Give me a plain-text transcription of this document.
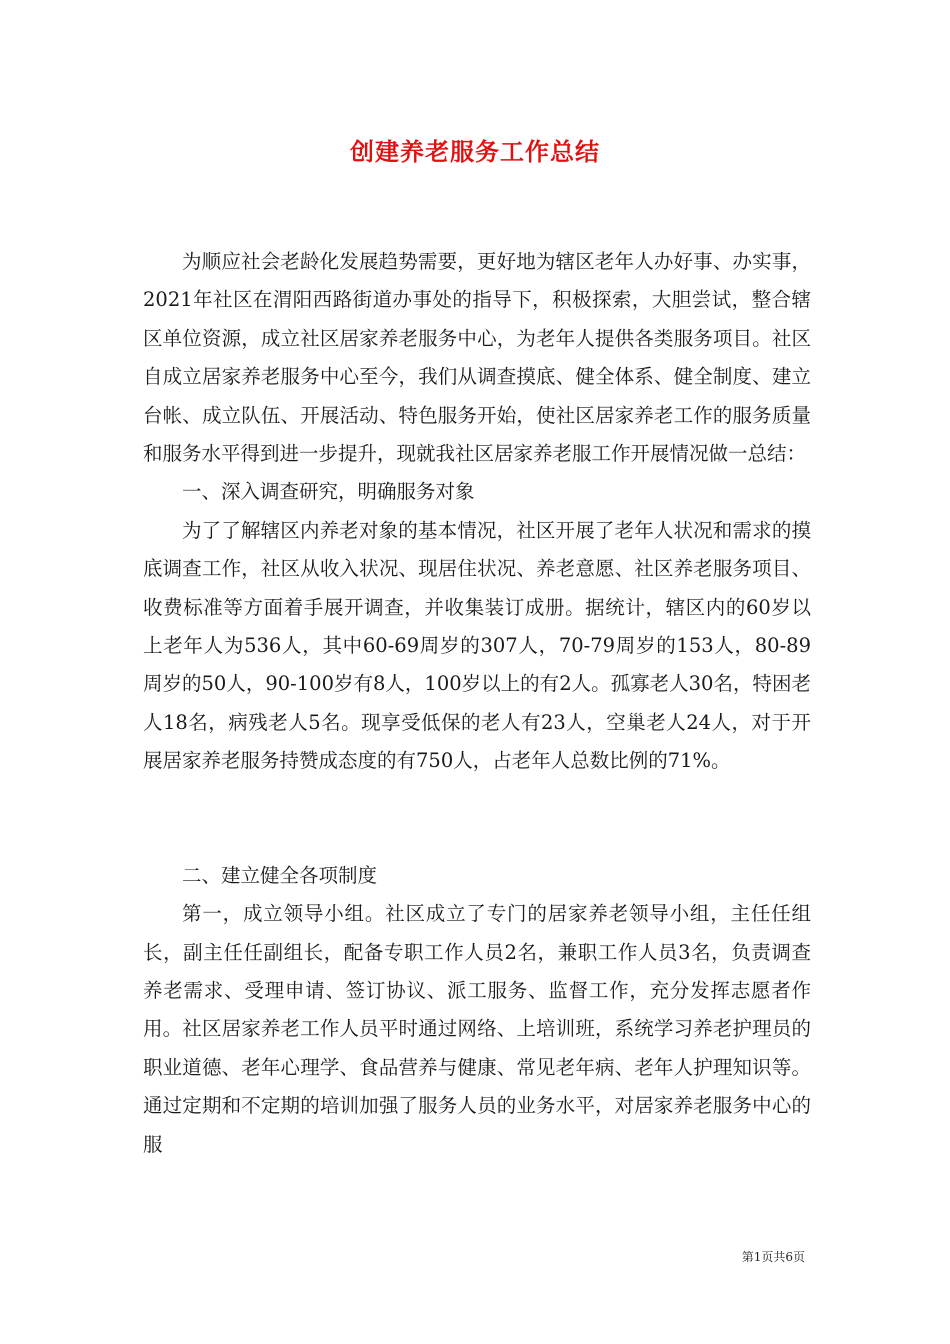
创建养老服务工作总结

为顺应社会老龄化发展趋势需要，更好地为辖区老年人办好事、办实事，2021年社区在渭阳西路街道办事处的指导下，积极探索，大胆尝试，整合辖区单位资源，成立社区居家养老服务中心，为老年人提供各类服务项目。社区自成立居家养老服务中心至今，我们从调查摸底、健全体系、健全制度、建立台帐、成立队伍、开展活动、特色服务开始，使社区居家养老工作的服务质量和服务水平得到进一步提升，现就我社区居家养老服工作开展情况做一总结：

一、深入调查研究，明确服务对象

为了了解辖区内养老对象的基本情况，社区开展了老年人状况和需求的摸底调查工作，社区从收入状况、现居住状况、养老意愿、社区养老服务项目、收费标准等方面着手展开调查，并收集装订成册。据统计，辖区内的60岁以上老年人为536人，其中60-69周岁的307人，70-79周岁的153人，80-89周岁的50人，90-100岁有8人，100岁以上的有2人。孤寡老人30名，特困老人18名，病残老人5名。现享受低保的老人有23人，空巢老人24人，对于开展居家养老服务持赞成态度的有750人，占老年人总数比例的71%。

二、建立健全各项制度

第一，成立领导小组。社区成立了专门的居家养老领导小组，主任任组长，副主任任副组长，配备专职工作人员2名，兼职工作人员3名，负责调查养老需求、受理申请、签订协议、派工服务、监督工作，充分发挥志愿者作用。社区居家养老工作人员平时通过网络、上培训班，系统学习养老护理员的职业道德、老年心理学、食品营养与健康、常见老年病、老年人护理知识等。通过定期和不定期的培训加强了服务人员的业务水平，对居家养老服务中心的服

第1页共6页
